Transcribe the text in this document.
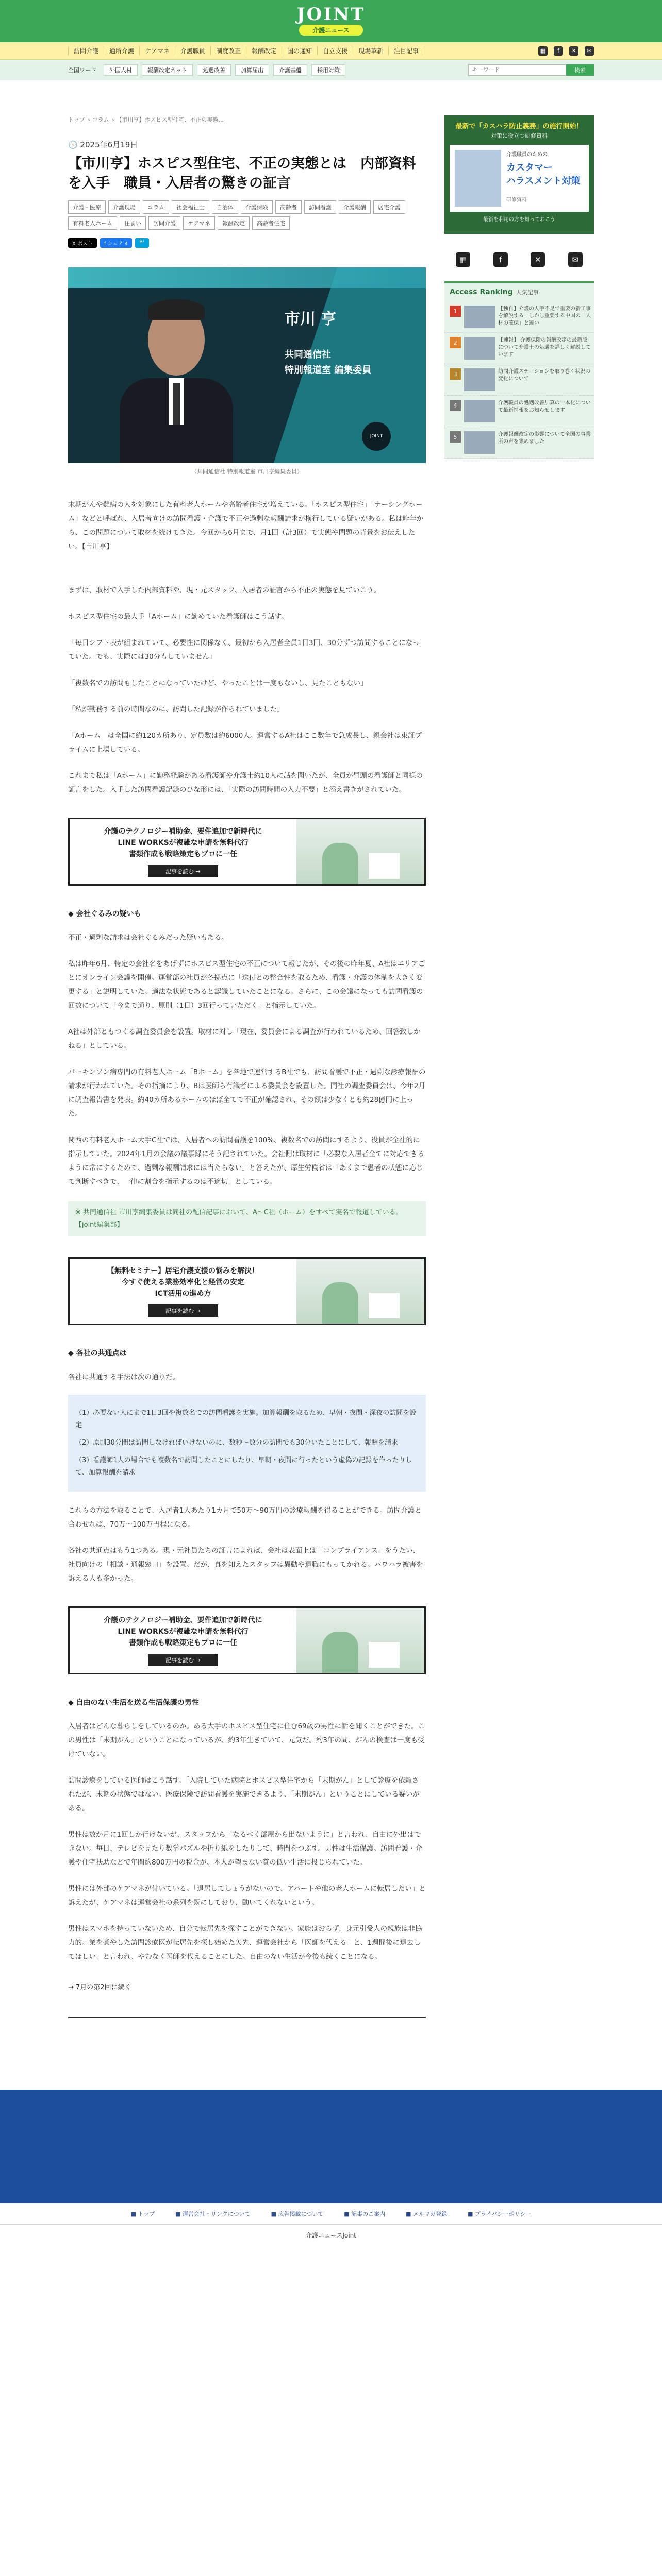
JOINT
介護ニュース
訪問介護	通所介護	ケアマネ	介護職員	制度改正	報酬改定	国の通知	自立支援	現場革新	注目記事	▦	f	✕	✉
全国ワード	外国人材	報酬改定ネット	処遇改善	加算届出	介護基盤	採用対策
キーワード	検索
トップ › コラム › 【市川亨】ホスピス型住宅、不正の実態...
🕓 2025年6月19日
【市川亨】ホスピス型住宅、不正の実態とは　内部資料を入手　職員・入居者の驚きの証言
介護・医療	介護現場	コラム	社会福祉士	自治体	介護保険	高齢者	訪問看護	介護報酬	居宅介護
有料老人ホーム	住まい	訪問介護	ケアマネ	報酬改定	高齢者住宅
X ポスト	f シェア 4	B!
市川 亨
共同通信社
特別報道室 編集委員
JOINT
（共同通信社 特別報道室 市川亨編集委員）

末期がんや難病の人を対象にした有料老人ホームや高齢者住宅が増えている。「ホスピス型住宅」「ナーシングホーム」などと呼ばれ、入居者向けの訪問看護・介護で不正や過剰な報酬請求が横行している疑いがある。私は昨年から、この問題について取材を続けてきた。今回から6月まで、月1回（計3回）で実態や問題の背景をお伝えしたい。【市川亨】

まずは、取材で入手した内部資料や、現・元スタッフ、入居者の証言から不正の実態を見ていこう。

ホスピス型住宅の最大手「Aホーム」に勤めていた看護師はこう話す。

「毎日シフト表が組まれていて、必要性に関係なく、最初から入居者全員1日3回、30分ずつ訪問することになっていた。でも、実際には30分もしていません」

「複数名での訪問もしたことになっていたけど、やったことは一度もないし、見たこともない」

「私が勤務する前の時間なのに、訪問した記録が作られていました」

「Aホーム」は全国に約120カ所あり、定員数は約6000人。運営するA社はここ数年で急成長し、親会社は東証プライムに上場している。

これまで私は「Aホーム」に勤務経験がある看護師や介護士約10人に話を聞いたが、全員が冒頭の看護師と同様の証言をした。入手した訪問看護記録のひな形には、「実際の訪問時間の入力不要」と添え書きがされていた。

介護のテクノロジー補助金、要件追加で新時代に
LINE WORKSが複雑な申請を無料代行
書類作成も戦略策定もプロに一任
記事を読む →
◆ 会社ぐるみの疑いも

不正・過剰な請求は会社ぐるみだった疑いもある。

私は昨年6月、特定の会社名をあげずにホスピス型住宅の不正について報じたが、その後の昨年夏、A社はエリアごとにオンライン会議を開催。運営部の社員が各拠点に「送付との整合性を取るため、看護・介護の体制を大きく変更する」と説明していた。適法な状態であると認識していたことになる。さらに、この会議になっても訪問看護の回数について「今まで通り、原則（1日）3回行っていただく」と指示していた。

A社は外部ともつくる調査委員会を設置。取材に対し「現在、委員会による調査が行われているため、回答致しかねる」としている。

パーキンソン病専門の有料老人ホーム「Bホーム」を各地で運営するB社でも、訪問看護で不正・過剰な診療報酬の請求が行われていた。その指摘により、Bは医師ら有識者による委員会を設置した。同社の調査委員会は、今年2月に調査報告書を発表。約40カ所あるホームのほぼ全てで不正が確認され、その額は少なくとも約28億円に上った。

関西の有料老人ホーム大手C社では、入居者への訪問看護を100%、複数名での訪問にするよう、役員が全社的に指示していた。2024年1月の会議の議事録にそう記されていた。会社側は取材に「必要な入居者全てに対応できるように常にするためで、過剰な報酬請求には当たらない」と答えたが、厚生労働省は「あくまで患者の状態に応じて判断すべきで、一律に割合を指示するのは不適切」としている。

※ 共同通信社 市川亨編集委員は同社の配信記事において、A〜C社（ホーム）をすべて実名で報道している。【joint編集部】
【無料セミナー】居宅介護支援の悩みを解決！
今すぐ使える業務効率化と経営の安定
ICT活用の進め方
記事を読む →
◆ 各社の共通点は

各社に共通する手法は次の通りだ。

（1）必要ない人にまで1日3回や複数名での訪問看護を実施。加算報酬を取るため、早朝・夜間・深夜の訪問を設定

（2）原則30分間は訪問しなければいけないのに、数秒〜数分の訪問でも30分いたことにして、報酬を請求

（3）看護師1人の場合でも複数名で訪問したことにしたり、早朝・夜間に行ったという虚偽の記録を作ったりして、加算報酬を請求

これらの方法を取ることで、入居者1人あたり1カ月で50万〜90万円の診療報酬を得ることができる。訪問介護と合わせれば、70万〜100万円程になる。

各社の共通点はもう1つある。現・元社員たちの証言によれば、会社は表面上は「コンプライアンス」をうたい、社員向けの「相談・通報窓口」を設置。だが、真を知えたスタッフは異動や退職にもってかれる。パワハラ被害を訴える人も多かった。

介護のテクノロジー補助金、要件追加で新時代に
LINE WORKSが複雑な申請を無料代行
書類作成も戦略策定もプロに一任
記事を読む →
◆ 自由のない生活を送る生活保護の男性

入居者はどんな暮らしをしているのか。ある大手のホスピス型住宅に住む69歳の男性に話を聞くことができた。この男性は「末期がん」ということになっているが、約3年生きていて、元気だ。約3年の間、がんの検査は一度も受けていない。

訪問診療をしている医師はこう話す。「入院していた病院とホスピス型住宅から「末期がん」として診療を依頼されたが、末期の状態ではない。医療保険で訪問看護を実施できるよう、「末期がん」ということにしている疑いがある。

男性は数か月に1回しか行けないが、スタッフから「なるべく部屋から出ないように」と言われ、自由に外出はできない。毎日、テレビを見たり数学パズルや折り紙をしたりして、時間をつぶす。男性は生活保護。訪問看護・介護や住宅扶助などで年間約800万円の税金が、本人が望まない質の低い生活に投じられていた。

男性には外部のケアマネが付いている。「退居してしょうがないので、アパートや他の老人ホームに転居したい」と訴えたが、ケアマネは運営会社の系列を既にしており、動いてくれないという。

男性はスマホを持っていないため、自分で転居先を探すことができない。家族はおらず、身元引受人の親族は非協力的。業を煮やした訪問診療医が転居先を探し始めた矢先、運営会社から「医師を代える」と、1週間後に退去してほしい」と言われ、やむなく医師を代えることにした。自由のない生活が今後も続くことになる。

→ 7月の第2回に続く
最新で「カスハラ防止義務」の施行開始！
対策に役立つ研修資料
介護職員のための
カスタマー
ハラスメント対策
研修資料
最新を利用の方を知っておこう
▦	f	✕	✉
Access Ranking 人気記事
1	【独自】介護の人手不足で重要の新工事を解説する！しかし重要する中国の「人材の確保」と違い
2	【速報】 介護保険の報酬改定の最新版について介護士の処遇を詳しく解説しています
3	訪問介護ステーションを取り巻く状況の変化について
4	介護職員の処遇改善加算の一本化について最新情報をお知らせします
5	介護報酬改定の影響について全国の事業所の声を集めました
■ トップ	■ 運営会社・リンクについて	■ 広告掲載について	■ 記事のご案内	■ メルマガ登録	■ プライバシーポリシー
介護ニュースJoint
